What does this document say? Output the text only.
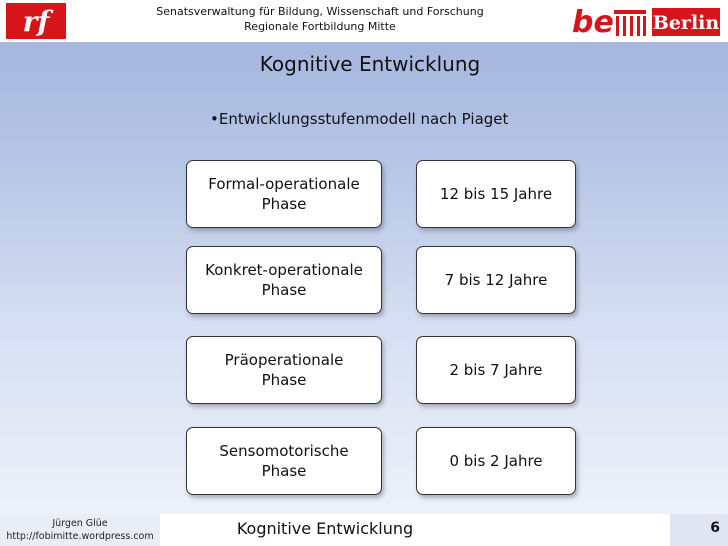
rf	Senatsverwaltung für Bildung, Wissenschaft und Forschung
Regionale Fortbildung Mitte	be Berlin
Kognitive Entwicklung
•Entwicklungsstufenmodell nach Piaget
Formal-operationale
Phase
12 bis 15 Jahre
Konkret-operationale
Phase
7 bis 12 Jahre
Präoperationale
Phase
2 bis 7 Jahre
Sensomotorische
Phase
0 bis 2 Jahre
Jürgen Glüe
http://fobimitte.wordpress.com	Kognitive Entwicklung	6
